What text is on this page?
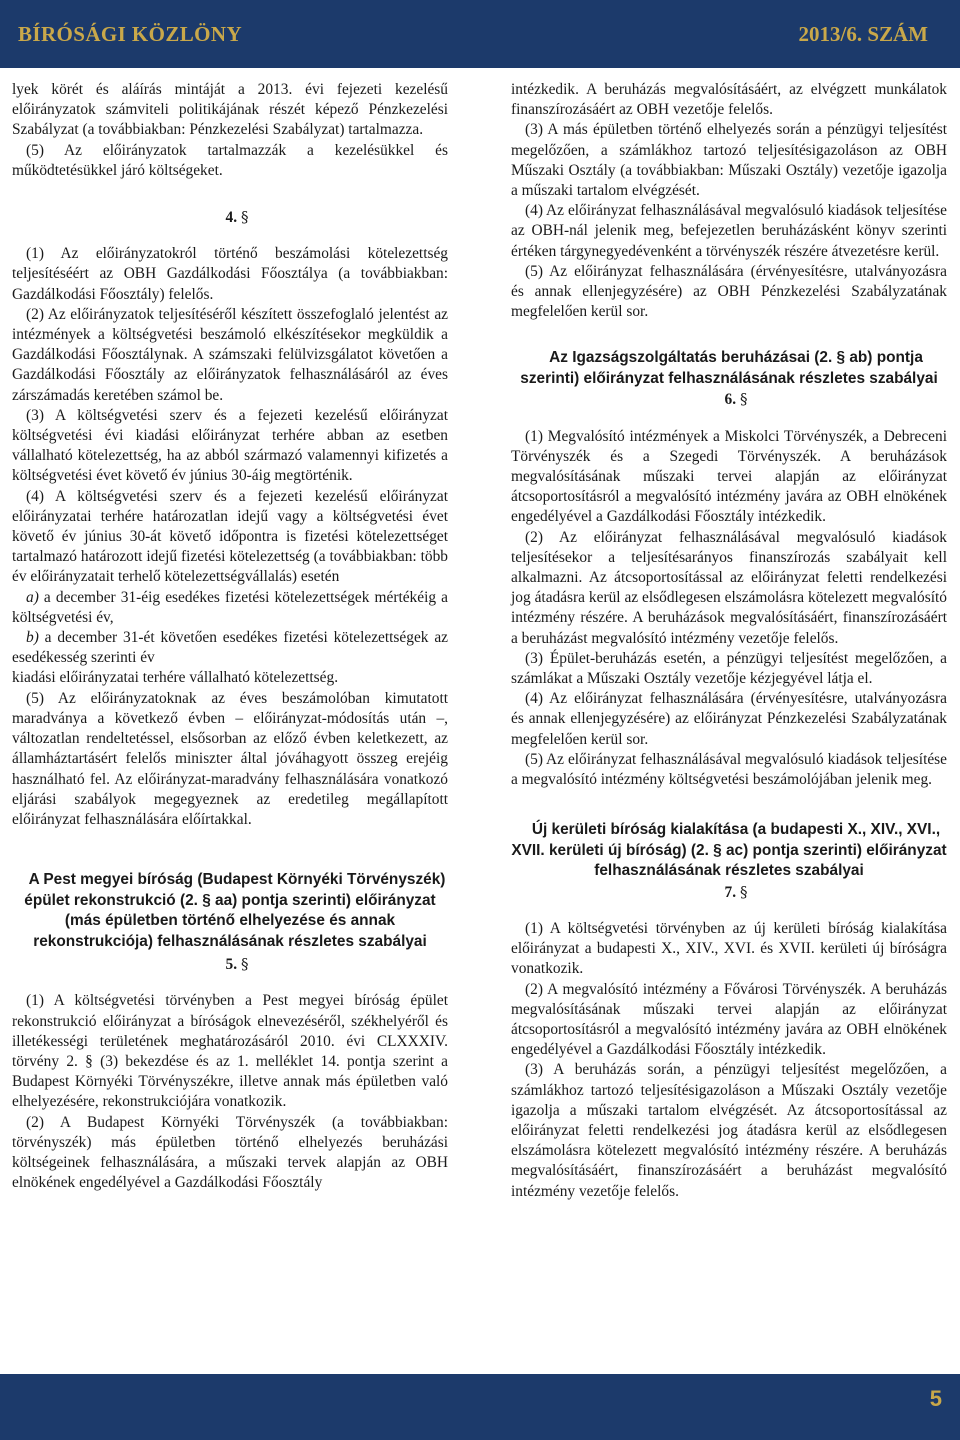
BÍRÓSÁGI KÖZLÖNY	2013/6. SZÁM

lyek körét és aláírás mintáját a 2013. évi fejezeti kezelésű előirányzatok számviteli politikájának részét képező Pénzkezelési Szabályzat (a továbbiakban: Pénzkezelési Szabályzat) tartalmazza.

(5) Az előirányzatok tartalmazzák a kezelésükkel és működtetésükkel járó költségeket.

4. §

(1) Az előirányzatokról történő beszámolási kötelezettség teljesítéséért az OBH Gazdálkodási Főosztálya (a továbbiakban: Gazdálkodási Főosztály) felelős.

(2) Az előirányzatok teljesítéséről készített összefoglaló jelentést az intézmények a költségvetési beszámoló elkészítésekor megküldik a Gazdálkodási Főosztálynak. A számszaki felülvizsgálatot követően a Gazdálkodási Főosztály az előirányzatok felhasználásáról az éves zárszámadás keretében számol be.

(3) A költségvetési szerv és a fejezeti kezelésű előirányzat költségvetési évi kiadási előirányzat terhére abban az esetben vállalható kötelezettség, ha az abból származó valamennyi kifizetés a költségvetési évet követő év június 30-áig megtörténik.

(4) A költségvetési szerv és a fejezeti kezelésű előirányzat előirányzatai terhére határozatlan idejű vagy a költségvetési évet követő év június 30-át követő időpontra is fizetési kötelezettséget tartalmazó határozott idejű fizetési kötelezettség (a továbbiakban: több év előirányzatait terhelő kötelezettségvállalás) esetén

a) a december 31-éig esedékes fizetési kötelezettségek mértékéig a költségvetési év,

b) a december 31-ét követően esedékes fizetési kötelezettségek az esedékesség szerinti év

kiadási előirányzatai terhére vállalható kötelezettség.

(5) Az előirányzatoknak az éves beszámolóban kimutatott maradványa a következő évben – előirányzat-módosítás után –, változatlan rendeltetéssel, elsősorban az előző évben keletkezett, az államháztartásért felelős miniszter által jóváhagyott összeg erejéig használható fel. Az előirányzat-maradvány felhasználására vonatkozó eljárási szabályok megegyeznek az eredetileg megállapított előirányzat felhasználására előírtakkal.

A Pest megyei bíróság (Budapest Környéki Törvényszék) épület rekonstrukció (2. § aa) pontja szerinti) előirányzat (más épületben történő elhelyezése és annak rekonstrukciója) felhasználásának részletes szabályai

5. §

(1) A költségvetési törvényben a Pest megyei bíróság épület rekonstrukció előirányzat a bíróságok elnevezéséről, székhelyéről és illetékességi területének meghatározásáról 2010. évi CLXXXIV. törvény 2. § (3) bekezdése és az 1. melléklet 14. pontja szerint a Budapest Környéki Törvényszékre, illetve annak más épületben való elhelyezésére, rekonstrukciójára vonatkozik.

(2) A Budapest Környéki Törvényszék (a továbbiakban: törvényszék) más épületben történő elhelyezés beruházási költségeinek felhasználására, a műszaki tervek alapján az OBH elnökének engedélyével a Gazdálkodási Főosztály

intézkedik. A beruházás megvalósításáért, az elvégzett munkálatok finanszírozásáért az OBH vezetője felelős.

(3) A más épületben történő elhelyezés során a pénzügyi teljesítést megelőzően, a számlákhoz tartozó teljesítésigazoláson az OBH Műszaki Osztály (a továbbiakban: Műszaki Osztály) vezetője igazolja a műszaki tartalom elvégzését.

(4) Az előirányzat felhasználásával megvalósuló kiadások teljesítése az OBH-nál jelenik meg, befejezetlen beruházásként könyv szerinti értéken tárgynegyedévenként a törvényszék részére átvezetésre kerül.

(5) Az előirányzat felhasználására (érvényesítésre, utalványozásra és annak ellenjegyzésére) az OBH Pénzkezelési Szabályzatának megfelelően kerül sor.

Az Igazságszolgáltatás beruházásai (2. § ab) pontja szerinti) előirányzat felhasználásának részletes szabályai

6. §

(1) Megvalósító intézmények a Miskolci Törvényszék, a Debreceni Törvényszék és a Szegedi Törvényszék. A beruházások megvalósításának műszaki tervei alapján az előirányzat átcsoportosításról a megvalósító intézmény javára az OBH elnökének engedélyével a Gazdálkodási Főosztály intézkedik.

(2) Az előirányzat felhasználásával megvalósuló kiadások teljesítésekor a teljesítésarányos finanszírozás szabályait kell alkalmazni. Az átcsoportosítással az előirányzat feletti rendelkezési jog átadásra kerül az elsődlegesen elszámolásra kötelezett megvalósító intézmény részére. A beruházások megvalósításáért, finanszírozásáért a beruházást megvalósító intézmény vezetője felelős.

(3) Épület-beruházás esetén, a pénzügyi teljesítést megelőzően, a számlákat a Műszaki Osztály vezetője kézjegyével látja el.

(4) Az előirányzat felhasználására (érvényesítésre, utalványozásra és annak ellenjegyzésére) az előirányzat Pénzkezelési Szabályzatának megfelelően kerül sor.

(5) Az előirányzat felhasználásával megvalósuló kiadások teljesítése a megvalósító intézmény költségvetési beszámolójában jelenik meg.

Új kerületi bíróság kialakítása (a budapesti X., XIV., XVI., XVII. kerületi új bíróság) (2. § ac) pontja szerinti) előirányzat felhasználásának részletes szabályai

7. §

(1) A költségvetési törvényben az új kerületi bíróság kialakítása előirányzat a budapesti X., XIV., XVI. és XVII. kerületi új bíróságra vonatkozik.

(2) A megvalósító intézmény a Fővárosi Törvényszék. A beruházás megvalósításának műszaki tervei alapján az előirányzat átcsoportosításról a megvalósító intézmény javára az OBH elnökének engedélyével a Gazdálkodási Főosztály intézkedik.

(3) A beruházás során, a pénzügyi teljesítést megelőzően, a számlákhoz tartozó teljesítésigazoláson a Műszaki Osztály vezetője igazolja a műszaki tartalom elvégzését. Az átcsoportosítással az előirányzat feletti rendelkezési jog átadásra kerül az elsődlegesen elszámolásra kötelezett megvalósító intézmény részére. A beruházás megvalósításáért, finanszírozásáért a beruházást megvalósító intézmény vezetője felelős.

5
